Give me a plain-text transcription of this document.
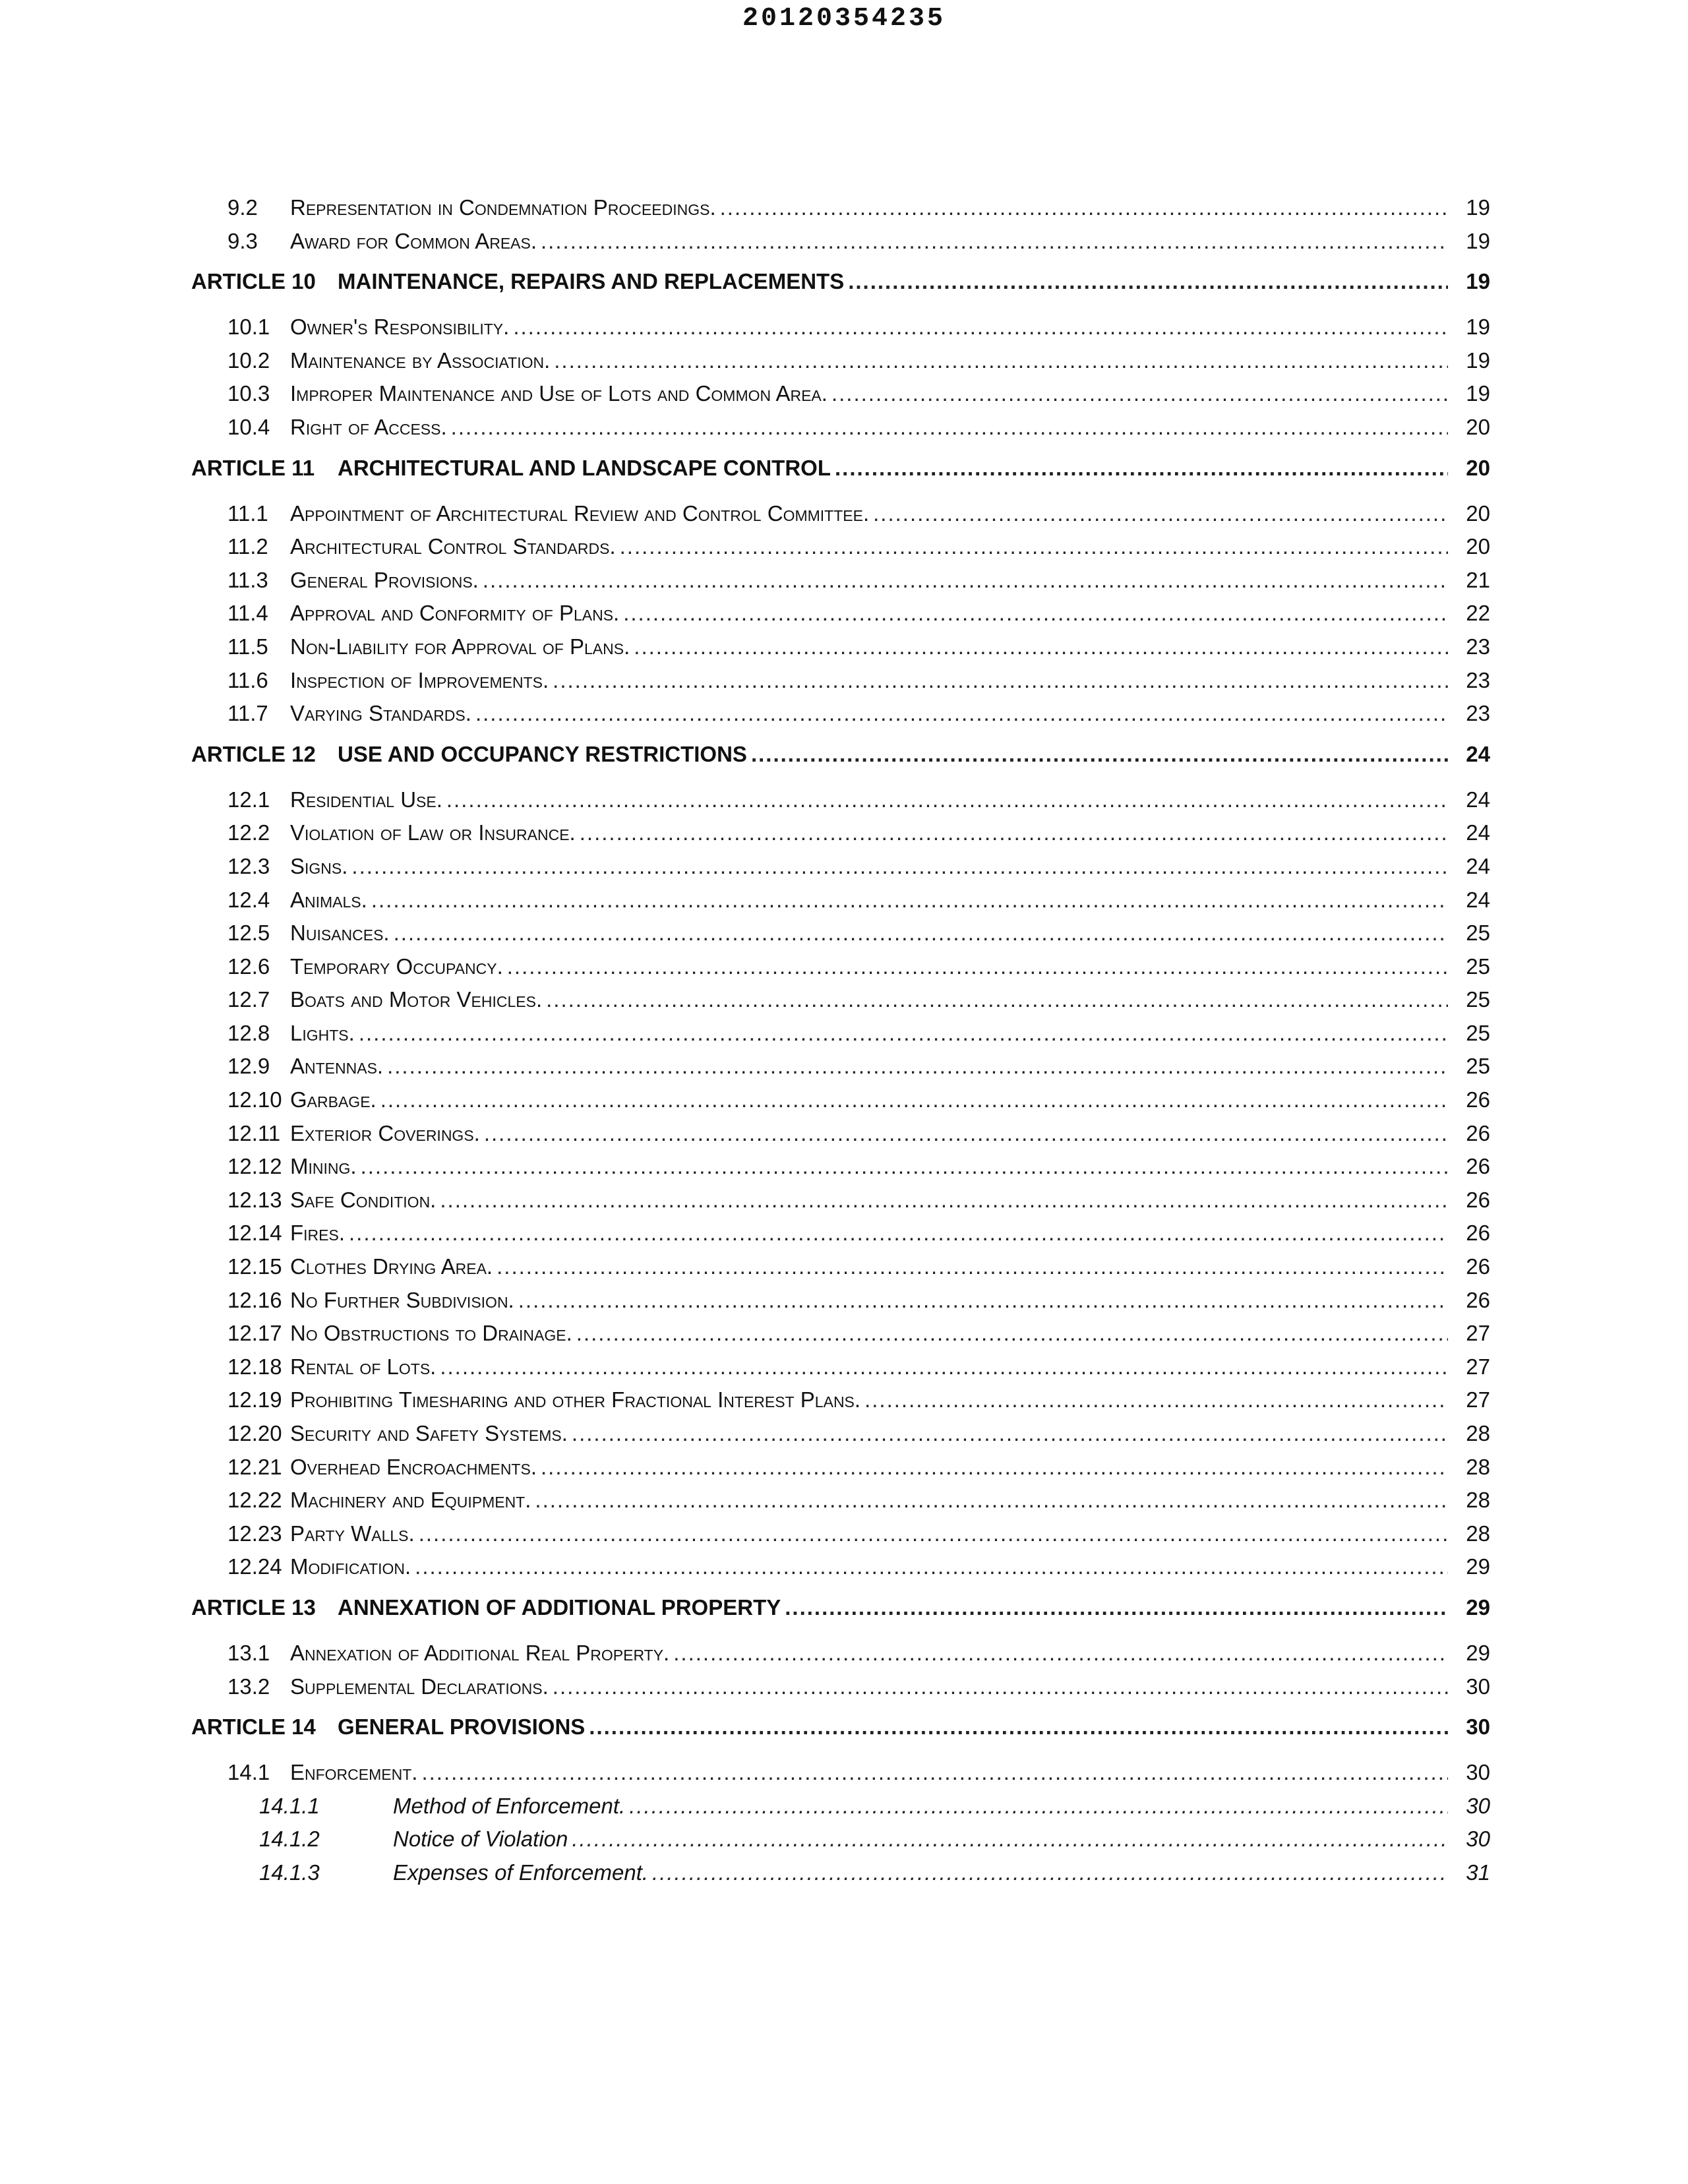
20120354235
9.2	Representation in Condemnation Proceedings. .....	19
9.3	Award for Common Areas. .....	19
ARTICLE 10	MAINTENANCE, REPAIRS AND REPLACEMENTS .....	19
10.1 Owner's Responsibility. .....	19
10.2 Maintenance by Association. .....	19
10.3 Improper Maintenance and Use of Lots and Common Area. .....	19
10.4 Right of Access. .....	20
ARTICLE 11	ARCHITECTURAL AND LANDSCAPE CONTROL .....	20
11.1	Appointment of Architectural Review and Control Committee. .....	20
11.2	Architectural Control Standards. .....	20
11.3	General Provisions. .....	21
11.4	Approval and Conformity of Plans. .....	22
11.5	Non-Liability for Approval of Plans. .....	23
11.6	Inspection of Improvements. .....	23
11.7	Varying Standards. .....	23
ARTICLE 12	USE AND OCCUPANCY RESTRICTIONS .....	24
12.1 Residential Use. .....	24
12.2 Violation of Law or Insurance. .....	24
12.3 Signs. .....	24
12.4 Animals. .....	24
12.5 Nuisances. .....	25
12.6 Temporary Occupancy. .....	25
12.7 Boats and Motor Vehicles. .....	25
12.8 Lights. .....	25
12.9 Antennas. .....	25
12.10 Garbage. .....	26
12.11 Exterior Coverings. .....	26
12.12 Mining. .....	26
12.13 Safe Condition. .....	26
12.14 Fires. .....	26
12.15 Clothes Drying Area. .....	26
12.16 No Further Subdivision. .....	26
12.17 No Obstructions to Drainage. .....	27
12.18 Rental of Lots. .....	27
12.19 Prohibiting Timesharing and other Fractional Interest Plans. .....	27
12.20 Security and Safety Systems. .....	28
12.21 Overhead Encroachments. .....	28
12.22 Machinery and Equipment. .....	28
12.23 Party Walls. .....	28
12.24 Modification. .....	29
ARTICLE 13	ANNEXATION OF ADDITIONAL PROPERTY .....	29
13.1 Annexation of Additional Real Property. .....	29
13.2 Supplemental Declarations. .....	30
ARTICLE 14	GENERAL PROVISIONS .....	30
14.1 Enforcement. .....	30
14.1.1	Method of Enforcement. .....	30
14.1.2	Notice of Violation .....	30
14.1.3	Expenses of Enforcement. .....	31
